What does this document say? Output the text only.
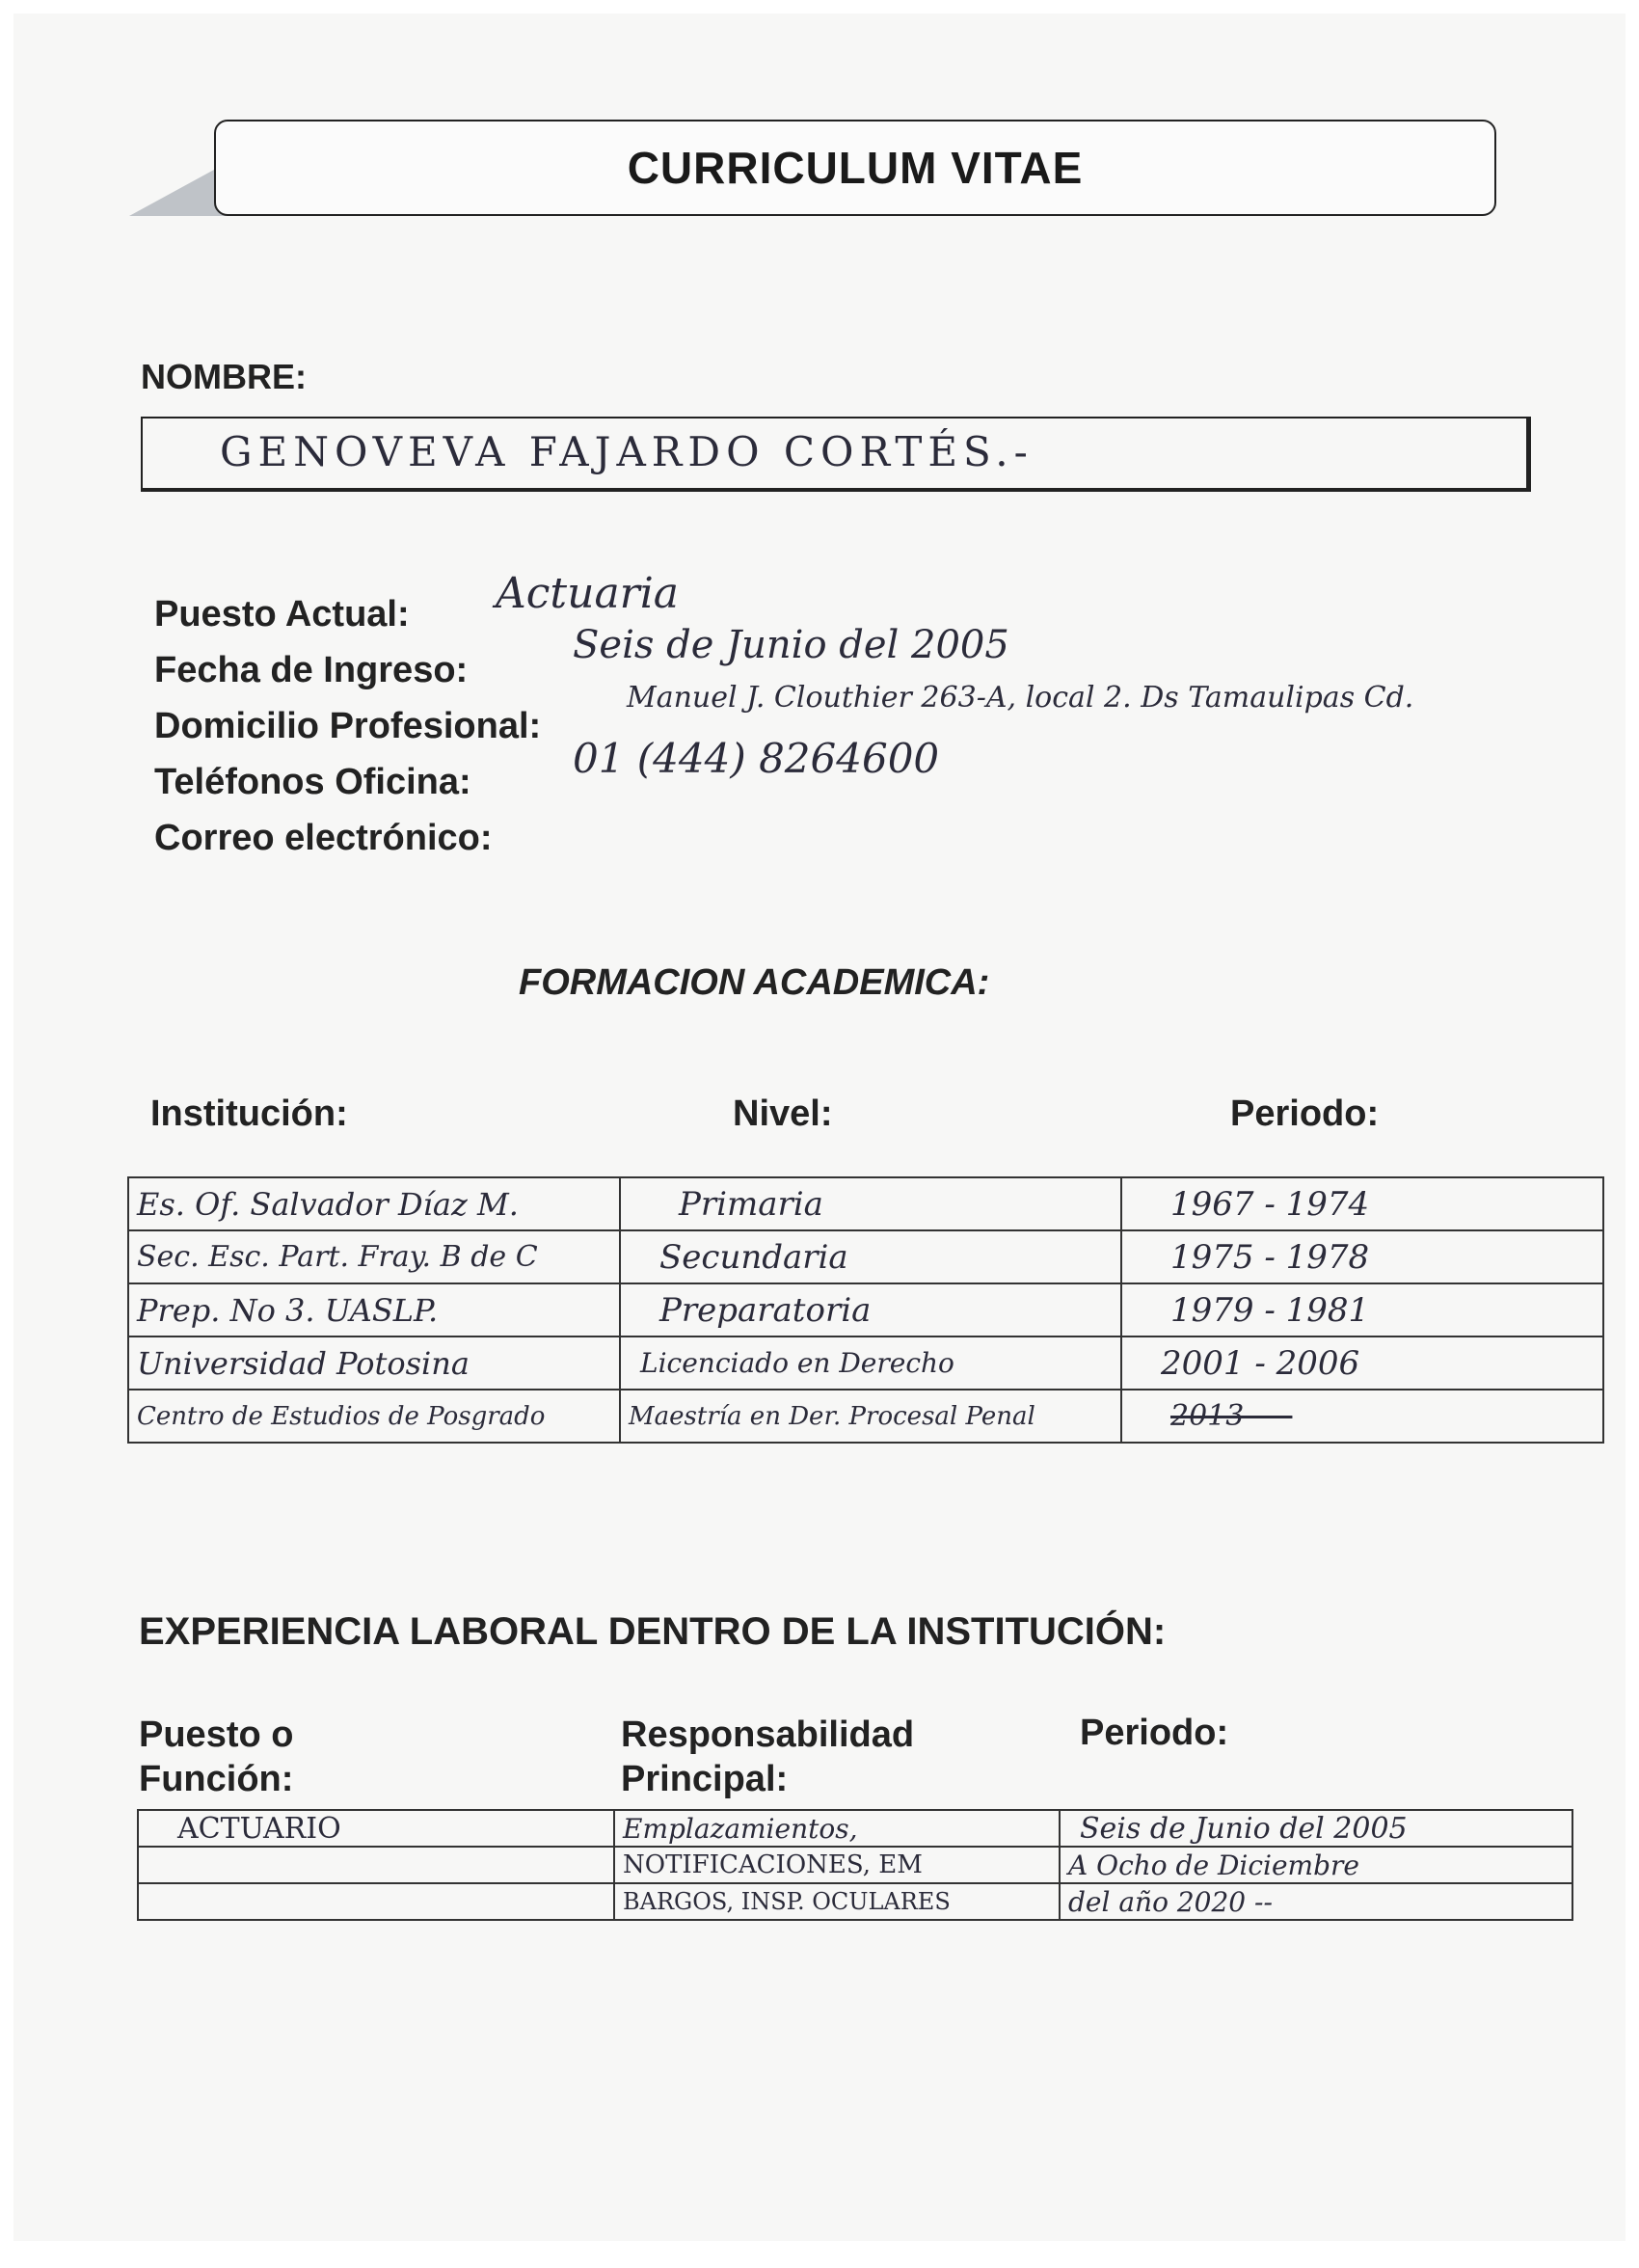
CURRICULUM VITAE
NOMBRE:
GENOVEVA FAJARDO CORTÉS.-
Puesto Actual: Actuaria
Fecha de Ingreso:
Seis de Junio del 2005
Domicilio Profesional:
Manuel J. Clouthier 263-A, local 2. Ds Tamaulipas Cd.
Teléfonos Oficina:	01 (444) 8264600
Correo electrónico:
FORMACION ACADEMICA:
Institución:	Nivel:	Periodo:
Es. Of. Salvador Díaz M.	Primaria	1967 - 1974
Sec. Esc. Part. Fray. B de C	Secundaria	1975 - 1978
Prep. No 3. UASLP.	Preparatoria	1979 - 1981
Universidad Potosina	Licenciado en Derecho	2001 - 2006
Centro de Estudios de Posgrado	Maestría en Der. Procesal Penal	2013 ----
EXPERIENCIA LABORAL DENTRO DE LA INSTITUCIÓN:
Puesto o Función:
Responsabilidad Principal:
Periodo:
ACTUARIO	Emplazamientos,	Seis de Junio del 2005
	NOTIFICACIONES, EM	A Ocho de Diciembre
	BARGOS, INSP. OCULARES	del año 2020 --
